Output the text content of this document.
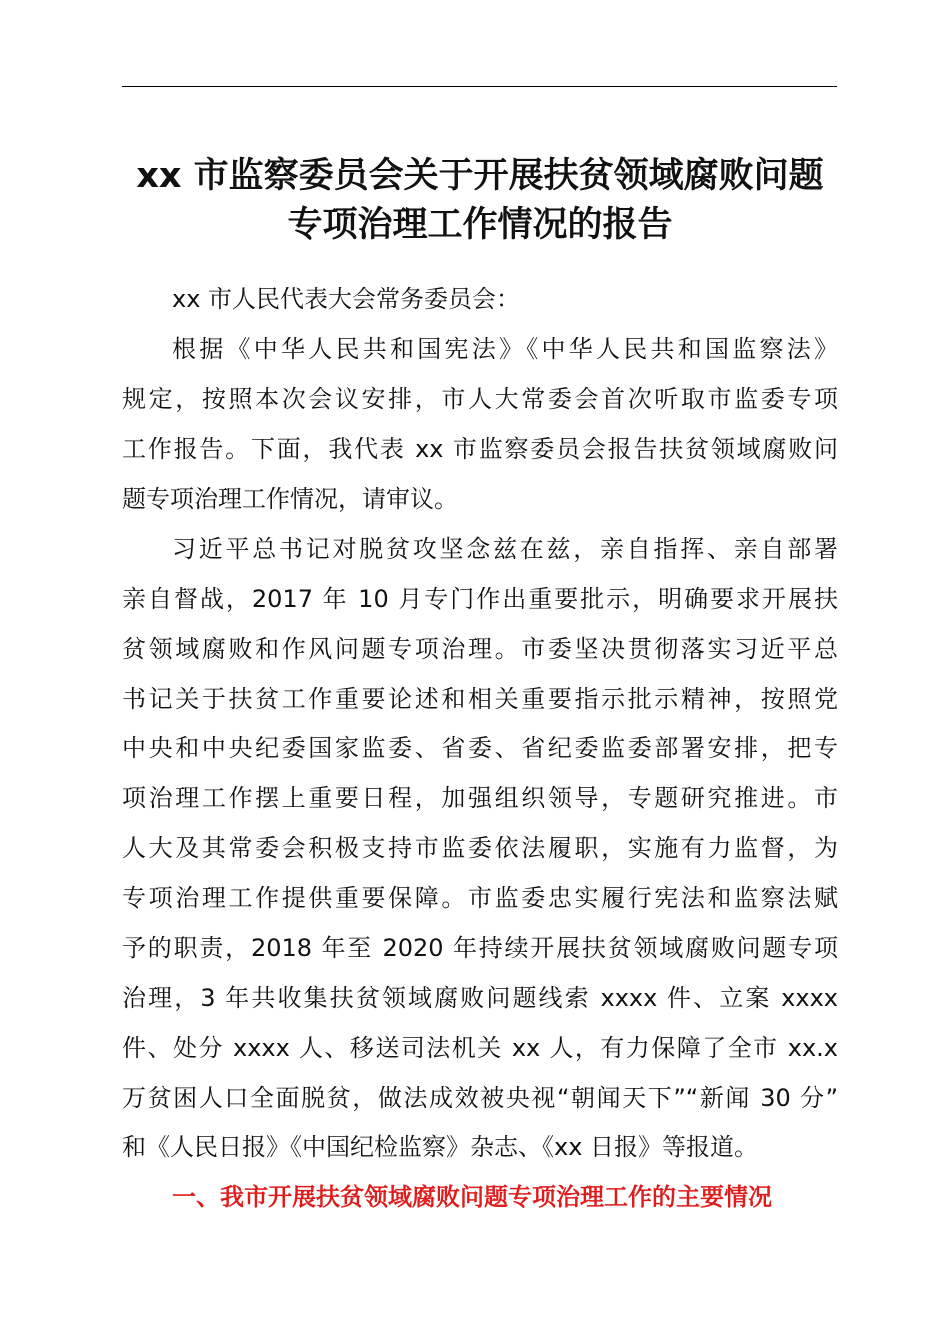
xx 市监察委员会关于开展扶贫领域腐败问题
专项治理工作情况的报告
xx 市人民代表大会常务委员会：
根据《中华人民共和国宪法》《中华人民共和国监察法》
规定，按照本次会议安排，市人大常委会首次听取市监委专项
工作报告。下面，我代表 xx 市监察委员会报告扶贫领域腐败问
题专项治理工作情况，请审议。
习近平总书记对脱贫攻坚念兹在兹，亲自指挥、亲自部署
亲自督战，2017 年 10 月专门作出重要批示，明确要求开展扶
贫领域腐败和作风问题专项治理。市委坚决贯彻落实习近平总
书记关于扶贫工作重要论述和相关重要指示批示精神，按照党
中央和中央纪委国家监委、省委、省纪委监委部署安排，把专
项治理工作摆上重要日程，加强组织领导，专题研究推进。市
人大及其常委会积极支持市监委依法履职，实施有力监督，为
专项治理工作提供重要保障。市监委忠实履行宪法和监察法赋
予的职责，2018 年至 2020 年持续开展扶贫领域腐败问题专项
治理，3 年共收集扶贫领域腐败问题线索 xxxx 件、立案 xxxx
件、处分 xxxx 人、移送司法机关 xx 人，有力保障了全市 xx.x
万贫困人口全面脱贫，做法成效被央视“朝闻天下”“新闻 30 分”
和《人民日报》《中国纪检监察》杂志、《xx 日报》等报道。
一、我市开展扶贫领域腐败问题专项治理工作的主要情况
